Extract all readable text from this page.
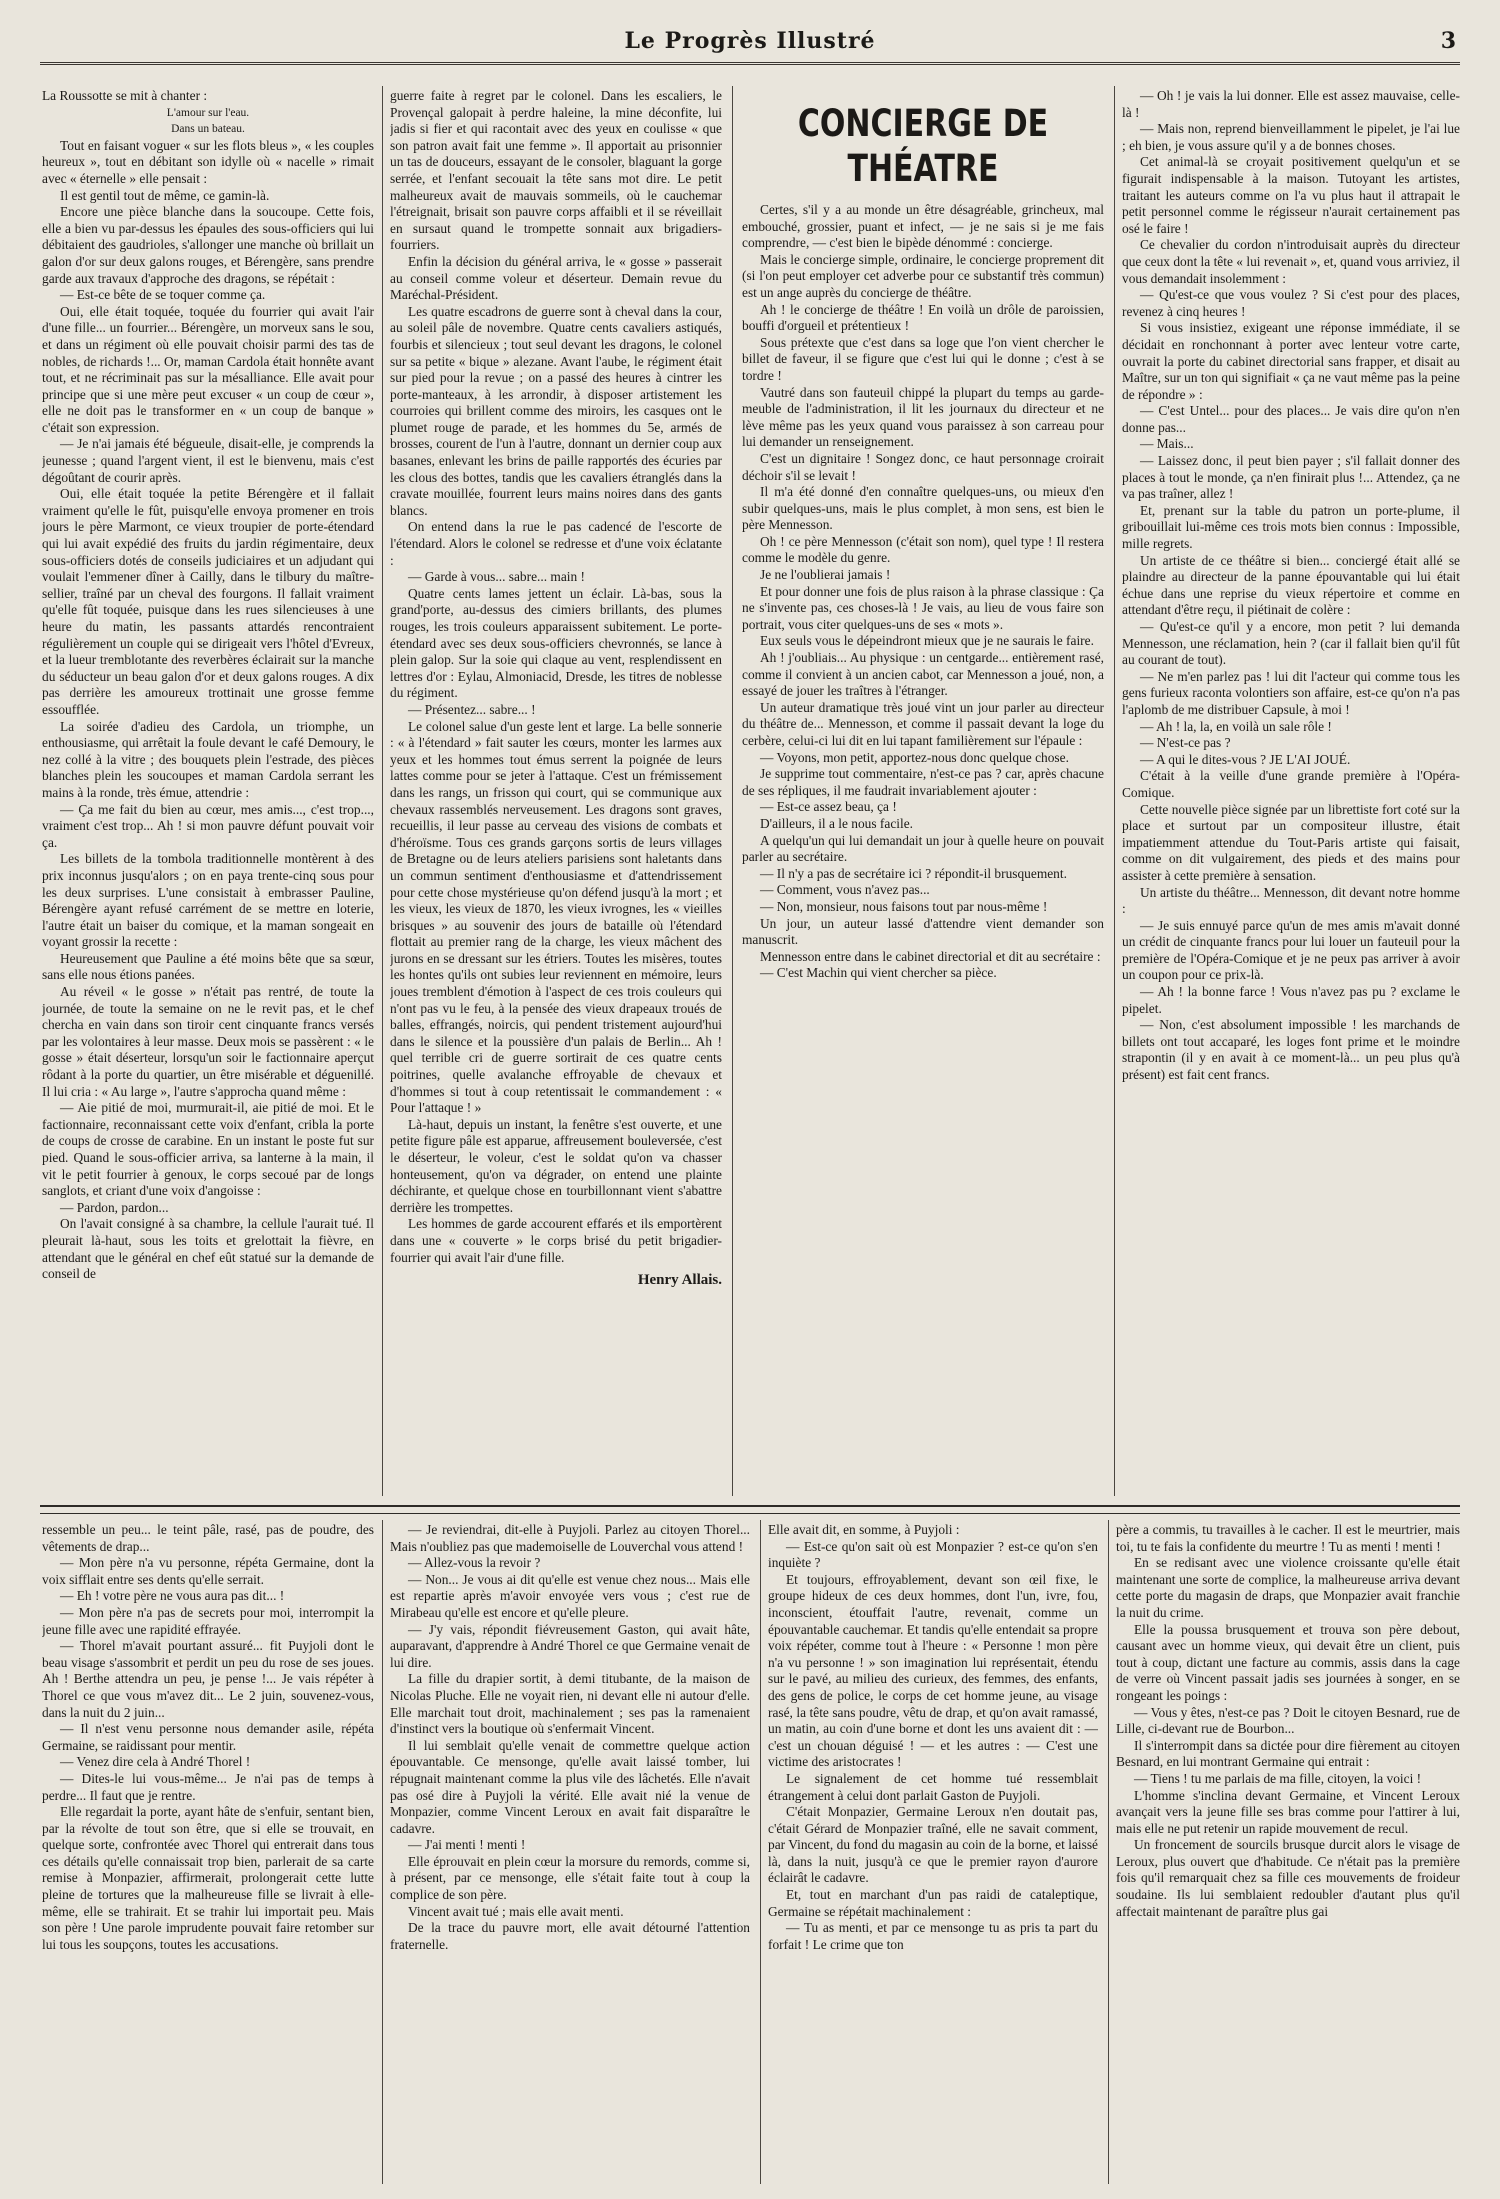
Le Progrès Illustré	3

La Roussotte se mit à chanter :

L'amour sur l'eau.

Dans un bateau.

Tout en faisant voguer « sur les flots bleus », « les couples heureux », tout en débitant son idylle où « nacelle » rimait avec « éternelle » elle pensait :

Il est gentil tout de même, ce gamin-là.

Encore une pièce blanche dans la soucoupe. Cette fois, elle a bien vu par-dessus les épaules des sous-officiers qui lui débitaient des gaudrioles, s'allonger une manche où brillait un galon d'or sur deux galons rouges, et Bérengère, sans prendre garde aux travaux d'approche des dragons, se répétait :

— Est-ce bête de se toquer comme ça.

Oui, elle était toquée, toquée du fourrier qui avait l'air d'une fille... un fourrier... Bérengère, un morveux sans le sou, et dans un régiment où elle pouvait choisir parmi des tas de nobles, de richards !... Or, maman Cardola était honnête avant tout, et ne récriminait pas sur la mésalliance. Elle avait pour principe que si une mère peut excuser « un coup de cœur », elle ne doit pas le transformer en « un coup de banque » c'était son expression.

— Je n'ai jamais été bégueule, disait-elle, je comprends la jeunesse ; quand l'argent vient, il est le bienvenu, mais c'est dégoûtant de courir après.

Oui, elle était toquée la petite Bérengère et il fallait vraiment qu'elle le fût, puisqu'elle envoya promener en trois jours le père Marmont, ce vieux troupier de porte-étendard qui lui avait expédié des fruits du jardin régimentaire, deux sous-officiers dotés de conseils judiciaires et un adjudant qui voulait l'emmener dîner à Cailly, dans le tilbury du maître-sellier, traîné par un cheval des fourgons. Il fallait vraiment qu'elle fût toquée, puisque dans les rues silencieuses à une heure du matin, les passants attardés rencontraient régulièrement un couple qui se dirigeait vers l'hôtel d'Evreux, et la lueur tremblotante des reverbères éclairait sur la manche du séducteur un beau galon d'or et deux galons rouges. A dix pas derrière les amoureux trottinait une grosse femme essoufflée.

La soirée d'adieu des Cardola, un triomphe, un enthousiasme, qui arrêtait la foule devant le café Demoury, le nez collé à la vitre ; des bouquets plein l'estrade, des pièces blanches plein les soucoupes et maman Cardola serrant les mains à la ronde, très émue, attendrie :

— Ça me fait du bien au cœur, mes amis..., c'est trop..., vraiment c'est trop... Ah ! si mon pauvre défunt pouvait voir ça.

Les billets de la tombola traditionnelle montèrent à des prix inconnus jusqu'alors ; on en paya trente-cinq sous pour les deux surprises. L'une consistait à embrasser Pauline, Bérengère ayant refusé carrément de se mettre en loterie, l'autre était un baiser du comique, et la maman songeait en voyant grossir la recette :

Heureusement que Pauline a été moins bête que sa sœur, sans elle nous étions panées.

Au réveil « le gosse » n'était pas rentré, de toute la journée, de toute la semaine on ne le revit pas, et le chef chercha en vain dans son tiroir cent cinquante francs versés par les volontaires à leur masse. Deux mois se passèrent : « le gosse » était déserteur, lorsqu'un soir le factionnaire aperçut rôdant à la porte du quartier, un être misérable et déguenillé. Il lui cria : « Au large », l'autre s'approcha quand même :

— Aie pitié de moi, murmurait-il, aie pitié de moi. Et le factionnaire, reconnaissant cette voix d'enfant, cribla la porte de coups de crosse de carabine. En un instant le poste fut sur pied. Quand le sous-officier arriva, sa lanterne à la main, il vit le petit fourrier à genoux, le corps secoué par de longs sanglots, et criant d'une voix d'angoisse :

— Pardon, pardon...

On l'avait consigné à sa chambre, la cellule l'aurait tué. Il pleurait là-haut, sous les toits et grelottait la fièvre, en attendant que le général en chef eût statué sur la demande de conseil de

guerre faite à regret par le colonel. Dans les escaliers, le Provençal galopait à perdre haleine, la mine déconfite, lui jadis si fier et qui racontait avec des yeux en coulisse « que son patron avait fait une femme ». Il apportait au prisonnier un tas de douceurs, essayant de le consoler, blaguant la gorge serrée, et l'enfant secouait la tête sans mot dire. Le petit malheureux avait de mauvais sommeils, où le cauchemar l'étreignait, brisait son pauvre corps affaibli et il se réveillait en sursaut quand le trompette sonnait aux brigadiers-fourriers.

Enfin la décision du général arriva, le « gosse » passerait au conseil comme voleur et déserteur. Demain revue du Maréchal-Président.

Les quatre escadrons de guerre sont à cheval dans la cour, au soleil pâle de novembre. Quatre cents cavaliers astiqués, fourbis et silencieux ; tout seul devant les dragons, le colonel sur sa petite « bique » alezane. Avant l'aube, le régiment était sur pied pour la revue ; on a passé des heures à cintrer les porte-manteaux, à les arrondir, à disposer artistement les courroies qui brillent comme des miroirs, les casques ont le plumet rouge de parade, et les hommes du 5e, armés de brosses, courent de l'un à l'autre, donnant un dernier coup aux basanes, enlevant les brins de paille rapportés des écuries par les clous des bottes, tandis que les cavaliers étranglés dans la cravate mouillée, fourrent leurs mains noires dans des gants blancs.

On entend dans la rue le pas cadencé de l'escorte de l'étendard. Alors le colonel se redresse et d'une voix éclatante :

— Garde à vous... sabre... main !

Quatre cents lames jettent un éclair. Là-bas, sous la grand'porte, au-dessus des cimiers brillants, des plumes rouges, les trois couleurs apparaissent subitement. Le porte-étendard avec ses deux sous-officiers chevronnés, se lance à plein galop. Sur la soie qui claque au vent, resplendissent en lettres d'or : Eylau, Almoniacid, Dresde, les titres de noblesse du régiment.

— Présentez... sabre... !

Le colonel salue d'un geste lent et large. La belle sonnerie : « à l'étendard » fait sauter les cœurs, monter les larmes aux yeux et les hommes tout émus serrent la poignée de leurs lattes comme pour se jeter à l'attaque. C'est un frémissement dans les rangs, un frisson qui court, qui se communique aux chevaux rassemblés nerveusement. Les dragons sont graves, recueillis, il leur passe au cerveau des visions de combats et d'héroïsme. Tous ces grands garçons sortis de leurs villages de Bretagne ou de leurs ateliers parisiens sont haletants dans un commun sentiment d'enthousiasme et d'attendrissement pour cette chose mystérieuse qu'on défend jusqu'à la mort ; et les vieux, les vieux de 1870, les vieux ivrognes, les « vieilles brisques » au souvenir des jours de bataille où l'étendard flottait au premier rang de la charge, les vieux mâchent des jurons en se dressant sur les étriers. Toutes les misères, toutes les hontes qu'ils ont subies leur reviennent en mémoire, leurs joues tremblent d'émotion à l'aspect de ces trois couleurs qui n'ont pas vu le feu, à la pensée des vieux drapeaux troués de balles, effrangés, noircis, qui pendent tristement aujourd'hui dans le silence et la poussière d'un palais de Berlin... Ah ! quel terrible cri de guerre sortirait de ces quatre cents poitrines, quelle avalanche effroyable de chevaux et d'hommes si tout à coup retentissait le commandement : « Pour l'attaque ! »

Là-haut, depuis un instant, la fenêtre s'est ouverte, et une petite figure pâle est apparue, affreusement bouleversée, c'est le déserteur, le voleur, c'est le soldat qu'on va chasser honteusement, qu'on va dégrader, on entend une plainte déchirante, et quelque chose en tourbillonnant vient s'abattre derrière les trompettes.

Les hommes de garde accourent effarés et ils emportèrent dans une « couverte » le corps brisé du petit brigadier-fourrier qui avait l'air d'une fille.

Henry Allais.

CONCIERGE DE THÉATRE

Certes, s'il y a au monde un être désagréable, grincheux, mal embouché, grossier, puant et infect, — je ne sais si je me fais comprendre, — c'est bien le bipède dénommé : concierge.

Mais le concierge simple, ordinaire, le concierge proprement dit (si l'on peut employer cet adverbe pour ce substantif très commun) est un ange auprès du concierge de théâtre.

Ah ! le concierge de théâtre ! En voilà un drôle de paroissien, bouffi d'orgueil et prétentieux !

Sous prétexte que c'est dans sa loge que l'on vient chercher le billet de faveur, il se figure que c'est lui qui le donne ; c'est à se tordre !

Vautré dans son fauteuil chippé la plupart du temps au garde-meuble de l'administration, il lit les journaux du directeur et ne lève même pas les yeux quand vous paraissez à son carreau pour lui demander un renseignement.

C'est un dignitaire ! Songez donc, ce haut personnage croirait déchoir s'il se levait !

Il m'a été donné d'en connaître quelques-uns, ou mieux d'en subir quelques-uns, mais le plus complet, à mon sens, est bien le père Mennesson.

Oh ! ce père Mennesson (c'était son nom), quel type ! Il restera comme le modèle du genre.

Je ne l'oublierai jamais !

Et pour donner une fois de plus raison à la phrase classique : Ça ne s'invente pas, ces choses-là ! Je vais, au lieu de vous faire son portrait, vous citer quelques-uns de ses « mots ».

Eux seuls vous le dépeindront mieux que je ne saurais le faire.

Ah ! j'oubliais... Au physique : un centgarde... entièrement rasé, comme il convient à un ancien cabot, car Mennesson a joué, non, a essayé de jouer les traîtres à l'étranger.

Un auteur dramatique très joué vint un jour parler au directeur du théâtre de... Mennesson, et comme il passait devant la loge du cerbère, celui-ci lui dit en lui tapant familièrement sur l'épaule :

— Voyons, mon petit, apportez-nous donc quelque chose.

Je supprime tout commentaire, n'est-ce pas ? car, après chacune de ses répliques, il me faudrait invariablement ajouter :

— Est-ce assez beau, ça !

D'ailleurs, il a le nous facile.

A quelqu'un qui lui demandait un jour à quelle heure on pouvait parler au secrétaire.

— Il n'y a pas de secrétaire ici ? répondit-il brusquement.

— Comment, vous n'avez pas...

— Non, monsieur, nous faisons tout par nous-même !

Un jour, un auteur lassé d'attendre vient demander son manuscrit.

Mennesson entre dans le cabinet directorial et dit au secrétaire :

— C'est Machin qui vient chercher sa pièce.

— Oh ! je vais la lui donner. Elle est assez mauvaise, celle-là !

— Mais non, reprend bienveillamment le pipelet, je l'ai lue ; eh bien, je vous assure qu'il y a de bonnes choses.

Cet animal-là se croyait positivement quelqu'un et se figurait indispensable à la maison. Tutoyant les artistes, traitant les auteurs comme on l'a vu plus haut il attrapait le petit personnel comme le régisseur n'aurait certainement pas osé le faire !

Ce chevalier du cordon n'introduisait auprès du directeur que ceux dont la tête « lui revenait », et, quand vous arriviez, il vous demandait insolemment :

— Qu'est-ce que vous voulez ? Si c'est pour des places, revenez à cinq heures !

Si vous insistiez, exigeant une réponse immédiate, il se décidait en ronchonnant à porter avec lenteur votre carte, ouvrait la porte du cabinet directorial sans frapper, et disait au Maître, sur un ton qui signifiait « ça ne vaut même pas la peine de répondre » :

— C'est Untel... pour des places... Je vais dire qu'on n'en donne pas...

— Mais...

— Laissez donc, il peut bien payer ; s'il fallait donner des places à tout le monde, ça n'en finirait plus !... Attendez, ça ne va pas traîner, allez !

Et, prenant sur la table du patron un porte-plume, il gribouillait lui-même ces trois mots bien connus : Impossible, mille regrets.

Un artiste de ce théâtre si bien... conciergé était allé se plaindre au directeur de la panne épouvantable qui lui était échue dans une reprise du vieux répertoire et comme en attendant d'être reçu, il piétinait de colère :

— Qu'est-ce qu'il y a encore, mon petit ? lui demanda Mennesson, une réclamation, hein ? (car il fallait bien qu'il fût au courant de tout).

— Ne m'en parlez pas ! lui dit l'acteur qui comme tous les gens furieux raconta volontiers son affaire, est-ce qu'on n'a pas l'aplomb de me distribuer Capsule, à moi !

— Ah ! la, la, en voilà un sale rôle !

— N'est-ce pas ?

— A qui le dites-vous ? JE L'AI JOUÉ.

C'était à la veille d'une grande première à l'Opéra-Comique.

Cette nouvelle pièce signée par un librettiste fort coté sur la place et surtout par un compositeur illustre, était impatiemment attendue du Tout-Paris artiste qui faisait, comme on dit vulgairement, des pieds et des mains pour assister à cette première à sensation.

Un artiste du théâtre... Mennesson, dit devant notre homme :

— Je suis ennuyé parce qu'un de mes amis m'avait donné un crédit de cinquante francs pour lui louer un fauteuil pour la première de l'Opéra-Comique et je ne peux pas arriver à avoir un coupon pour ce prix-là.

— Ah ! la bonne farce ! Vous n'avez pas pu ? exclame le pipelet.

— Non, c'est absolument impossible ! les marchands de billets ont tout accaparé, les loges font prime et le moindre strapontin (il y en avait à ce moment-là... un peu plus qu'à présent) est fait cent francs.

ressemble un peu... le teint pâle, rasé, pas de poudre, des vêtements de drap...

— Mon père n'a vu personne, répéta Germaine, dont la voix sifflait entre ses dents qu'elle serrait.

— Eh ! votre père ne vous aura pas dit... !

— Mon père n'a pas de secrets pour moi, interrompit la jeune fille avec une rapidité effrayée.

— Thorel m'avait pourtant assuré... fit Puyjoli dont le beau visage s'assombrit et perdit un peu du rose de ses joues. Ah ! Berthe attendra un peu, je pense !... Je vais répéter à Thorel ce que vous m'avez dit... Le 2 juin, souvenez-vous, dans la nuit du 2 juin...

— Il n'est venu personne nous demander asile, répéta Germaine, se raidissant pour mentir.

— Venez dire cela à André Thorel !

— Dites-le lui vous-même... Je n'ai pas de temps à perdre... Il faut que je rentre.

Elle regardait la porte, ayant hâte de s'enfuir, sentant bien, par la révolte de tout son être, que si elle se trouvait, en quelque sorte, confrontée avec Thorel qui entrerait dans tous ces détails qu'elle connaissait trop bien, parlerait de sa carte remise à Monpazier, affirmerait, prolongerait cette lutte pleine de tortures que la malheureuse fille se livrait à elle-même, elle se trahirait. Et se trahir lui importait peu. Mais son père ! Une parole imprudente pouvait faire retomber sur lui tous les soupçons, toutes les accusations.

— Je reviendrai, dit-elle à Puyjoli. Parlez au citoyen Thorel... Mais n'oubliez pas que mademoiselle de Louverchal vous attend !

— Allez-vous la revoir ?

— Non... Je vous ai dit qu'elle est venue chez nous... Mais elle est repartie après m'avoir envoyée vers vous ; c'est rue de Mirabeau qu'elle est encore et qu'elle pleure.

— J'y vais, répondit fiévreusement Gaston, qui avait hâte, auparavant, d'apprendre à André Thorel ce que Germaine venait de lui dire.

La fille du drapier sortit, à demi titubante, de la maison de Nicolas Pluche. Elle ne voyait rien, ni devant elle ni autour d'elle. Elle marchait tout droit, machinalement ; ses pas la ramenaient d'instinct vers la boutique où s'enfermait Vincent.

Il lui semblait qu'elle venait de commettre quelque action épouvantable. Ce mensonge, qu'elle avait laissé tomber, lui répugnait maintenant comme la plus vile des lâchetés. Elle n'avait pas osé dire à Puyjoli la vérité. Elle avait nié la venue de Monpazier, comme Vincent Leroux en avait fait disparaître le cadavre.

— J'ai menti ! menti !

Elle éprouvait en plein cœur la morsure du remords, comme si, à présent, par ce mensonge, elle s'était faite tout à coup la complice de son père.

Vincent avait tué ; mais elle avait menti.

De la trace du pauvre mort, elle avait détourné l'attention fraternelle.

Elle avait dit, en somme, à Puyjoli :

— Est-ce qu'on sait où est Monpazier ? est-ce qu'on s'en inquiète ?

Et toujours, effroyablement, devant son œil fixe, le groupe hideux de ces deux hommes, dont l'un, ivre, fou, inconscient, étouffait l'autre, revenait, comme un épouvantable cauchemar. Et tandis qu'elle entendait sa propre voix répéter, comme tout à l'heure : « Personne ! mon père n'a vu personne ! » son imagination lui représentait, étendu sur le pavé, au milieu des curieux, des femmes, des enfants, des gens de police, le corps de cet homme jeune, au visage rasé, la tête sans poudre, vêtu de drap, et qu'on avait ramassé, un matin, au coin d'une borne et dont les uns avaient dit : — c'est un chouan déguisé ! — et les autres : — C'est une victime des aristocrates !

Le signalement de cet homme tué ressemblait étrangement à celui dont parlait Gaston de Puyjoli.

C'était Monpazier, Germaine Leroux n'en doutait pas, c'était Gérard de Monpazier traîné, elle ne savait comment, par Vincent, du fond du magasin au coin de la borne, et laissé là, dans la nuit, jusqu'à ce que le premier rayon d'aurore éclairât le cadavre.

Et, tout en marchant d'un pas raidi de cataleptique, Germaine se répétait machinalement :

— Tu as menti, et par ce mensonge tu as pris ta part du forfait ! Le crime que ton

père a commis, tu travailles à le cacher. Il est le meurtrier, mais toi, tu te fais la confidente du meurtre ! Tu as menti ! menti !

En se redisant avec une violence croissante qu'elle était maintenant une sorte de complice, la malheureuse arriva devant cette porte du magasin de draps, que Monpazier avait franchie la nuit du crime.

Elle la poussa brusquement et trouva son père debout, causant avec un homme vieux, qui devait être un client, puis tout à coup, dictant une facture au commis, assis dans la cage de verre où Vincent passait jadis ses journées à songer, en se rongeant les poings :

— Vous y êtes, n'est-ce pas ? Doit le citoyen Besnard, rue de Lille, ci-devant rue de Bourbon...

Il s'interrompit dans sa dictée pour dire fièrement au citoyen Besnard, en lui montrant Germaine qui entrait :

— Tiens ! tu me parlais de ma fille, citoyen, la voici !

L'homme s'inclina devant Germaine, et Vincent Leroux avançait vers la jeune fille ses bras comme pour l'attirer à lui, mais elle ne put retenir un rapide mouvement de recul.

Un froncement de sourcils brusque durcit alors le visage de Leroux, plus ouvert que d'habitude. Ce n'était pas la première fois qu'il remarquait chez sa fille ces mouvements de froideur soudaine. Ils lui semblaient redoubler d'autant plus qu'il affectait maintenant de paraître plus gai
